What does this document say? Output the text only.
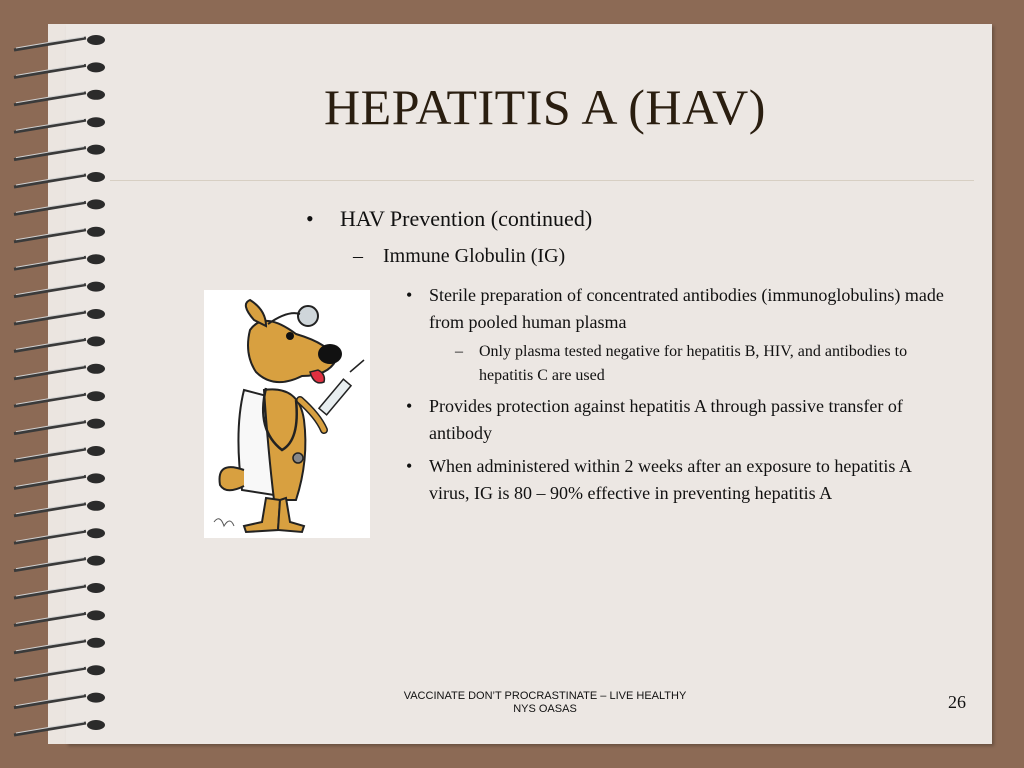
HEPATITIS A (HAV)
• HAV Prevention (continued)
– Immune Globulin (IG)
• Sterile preparation of concentrated antibodies (immunoglobulins) made from pooled human plasma
–	Only plasma tested negative for hepatitis B, HIV, and antibodies to hepatitis C are used
• Provides protection against hepatitis A through passive transfer of antibody
• When administered within 2 weeks after an exposure to hepatitis A virus, IG is 80 – 90% effective in preventing hepatitis A
VACCINATE DON’T PROCRASTINATE – LIVE HEALTHY
NYS OASAS	26
